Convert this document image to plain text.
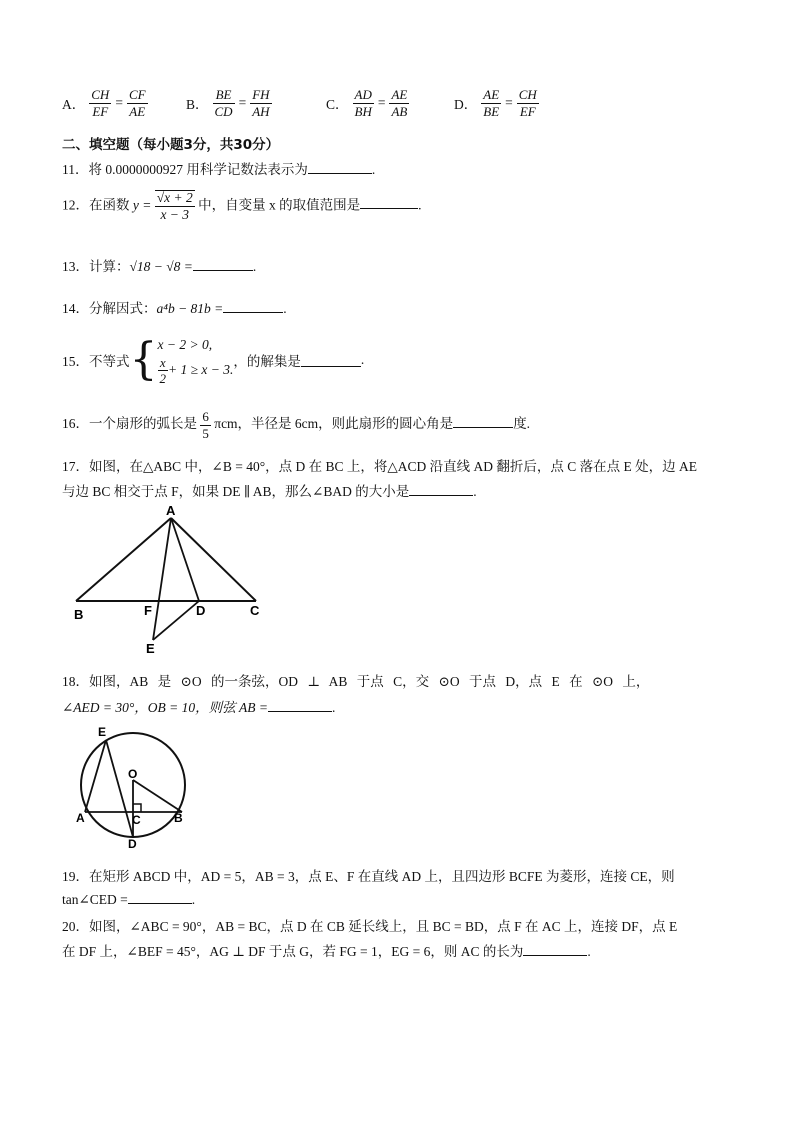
A． $\frac{CH}{EF} = \frac{CF}{AE}$	B． $\frac{BE}{CD} = \frac{FH}{AH}$	C． $\frac{AD}{BH} = \frac{AE}{AB}$	D． $\frac{AE}{BE} = \frac{CH}{EF}$
二、填空题（每小题3分，共30分）
11．将 0.0000000927 用科学记数法表示为	.
12．在函数 $y = \frac{√x + 2}{x - 3}$ 中，自变量 x 的取值范围是	.
13．计算：√18 − √8 =	.
14．分解因式：a⁴b − 81b =	.
15．不等式 { x − 2 > 0,
$\frac{x}{2} + 1 \ge x - 3$.
，的解集是	.
16．一个扇形的弧长是 $\frac{6}{5}$ πcm，半径是 6cm，则此扇形的圆心角是	度.
17．如图，在△ABC 中，∠B = 40°，点 D 在 BC 上，将△ACD 沿直线 AD 翻折后，点 C 落在点 E 处，边 AE
与边 BC 相交于点 F，如果 DE ∥ AB，那么∠BAD 的大小是	.
A
B	C
D
F
E
18．如图，AB 是 ⊙O 的一条弦，OD ⊥ AB 于点 C，交 ⊙O 于点 D，点 E 在 ⊙O 上，
∠AED = 30°，OB = 10，则弦 AB =	.
E
O
A	B
C
D
19．在矩形 ABCD 中，AD = 5，AB = 3，点 E、F 在直线 AD 上，且四边形 BCFE 为菱形，连接 CE，则
tan∠CED =	.
20．如图，∠ABC = 90°，AB = BC，点 D 在 CB 延长线上，且 BC = BD，点 F 在 AC 上，连接 DF，点 E
在 DF 上，∠BEF = 45°，AG ⊥ DF 于点 G，若 FG = 1，EG = 6，则 AC 的长为	.
